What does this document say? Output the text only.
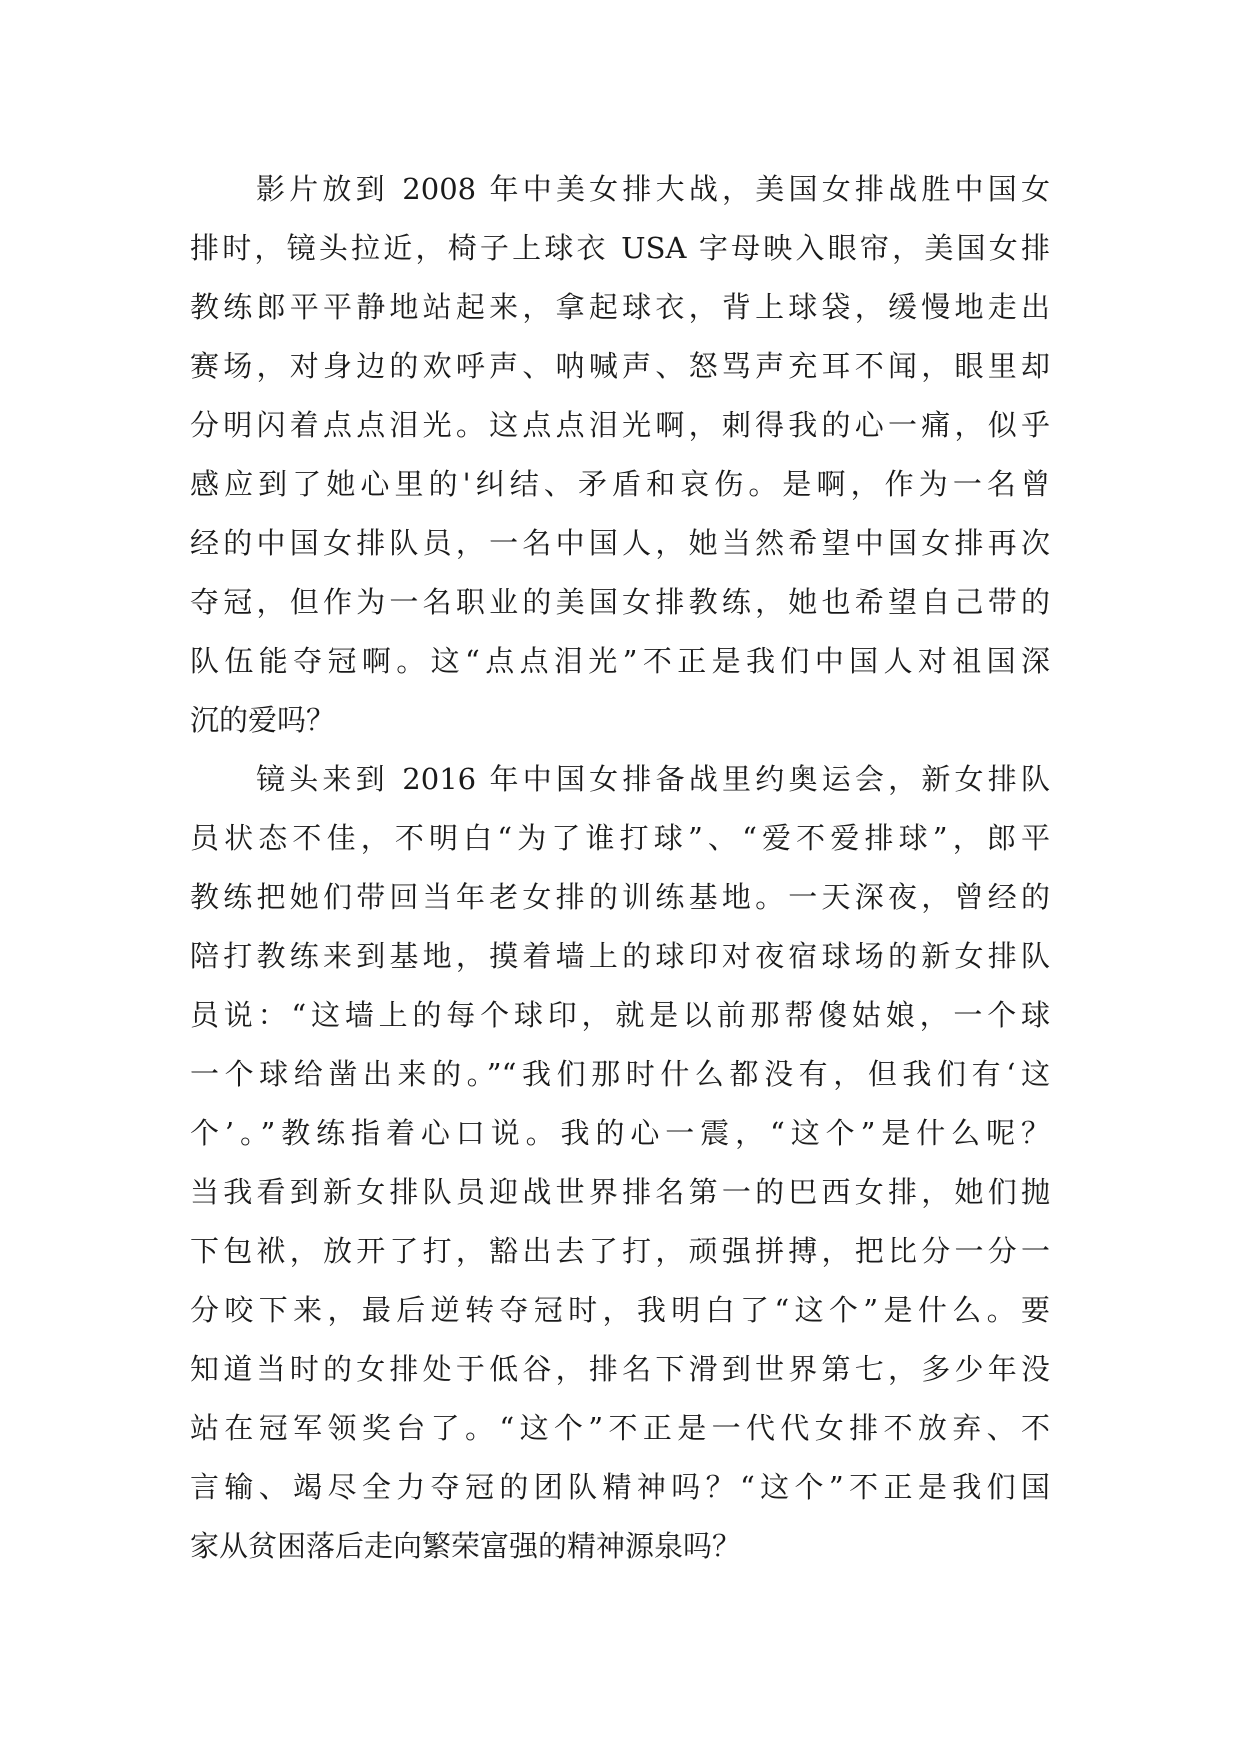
影片放到 2008 年中美女排大战，美国女排战胜中国女
排时，镜头拉近，椅子上球衣 USA 字母映入眼帘，美国女排
教练郎平平静地站起来，拿起球衣，背上球袋，缓慢地走出
赛场，对身边的欢呼声、呐喊声、怒骂声充耳不闻，眼里却
分明闪着点点泪光。这点点泪光啊，刺得我的心一痛，似乎
感应到了她心里的'纠结、矛盾和哀伤。是啊，作为一名曾
经的中国女排队员，一名中国人，她当然希望中国女排再次
夺冠，但作为一名职业的美国女排教练，她也希望自己带的
队伍能夺冠啊。这“点点泪光”不正是我们中国人对祖国深
沉的爱吗？
镜头来到 2016 年中国女排备战里约奥运会，新女排队
员状态不佳，不明白“为了谁打球”、“爱不爱排球”，郎平
教练把她们带回当年老女排的训练基地。一天深夜，曾经的
陪打教练来到基地，摸着墙上的球印对夜宿球场的新女排队
员说：“这墙上的每个球印，就是以前那帮傻姑娘，一个球
一个球给凿出来的。”“我们那时什么都没有，但我们有‘这
个’。”教练指着心口说。我的心一震，“这个”是什么呢？
当我看到新女排队员迎战世界排名第一的巴西女排，她们抛
下包袱，放开了打，豁出去了打，顽强拼搏，把比分一分一
分咬下来，最后逆转夺冠时，我明白了“这个”是什么。要
知道当时的女排处于低谷，排名下滑到世界第七，多少年没
站在冠军领奖台了。“这个”不正是一代代女排不放弃、不
言输、竭尽全力夺冠的团队精神吗？“这个”不正是我们国
家从贫困落后走向繁荣富强的精神源泉吗？
